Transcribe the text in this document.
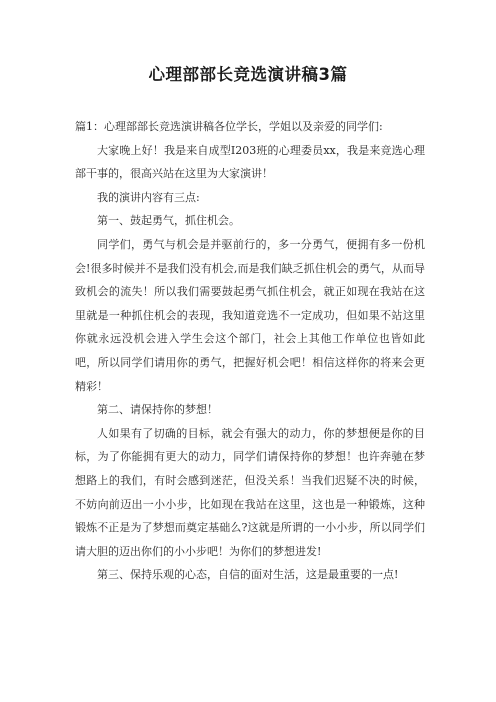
心理部部长竞选演讲稿3篇

篇1：心理部部长竞选演讲稿各位学长，学姐以及亲爱的同学们:

大家晚上好！我是来自成型I203班的心理委员xx，我是来竞选心理部干事的，很高兴站在这里为大家演讲！

我的演讲内容有三点:

第一、鼓起勇气，抓住机会。

同学们，勇气与机会是并驱前行的，多一分勇气，便拥有多一份机会!很多时候并不是我们没有机会,而是我们缺乏抓住机会的勇气，从而导致机会的流失！所以我们需要鼓起勇气抓住机会，就正如现在我站在这里就是一种抓住机会的表现，我知道竞选不一定成功，但如果不站这里你就永远没机会进入学生会这个部门，社会上其他工作单位也皆如此吧，所以同学们请用你的勇气，把握好机会吧！相信这样你的将来会更精彩！

第二、请保持你的梦想！

人如果有了切确的目标，就会有强大的动力，你的梦想便是你的目标，为了你能拥有更大的动力，同学们请保持你的梦想！也许奔驰在梦想路上的我们，有时会感到迷茫，但没关系！当我们迟疑不决的时候，不妨向前迈出一小小步，比如现在我站在这里，这也是一种锻炼，这种锻炼不正是为了梦想而奠定基础么?这就是所谓的一小小步，所以同学们请大胆的迈出你们的小小步吧！为你们的梦想进发!

第三、保持乐观的心态，自信的面对生活，这是最重要的一点!
